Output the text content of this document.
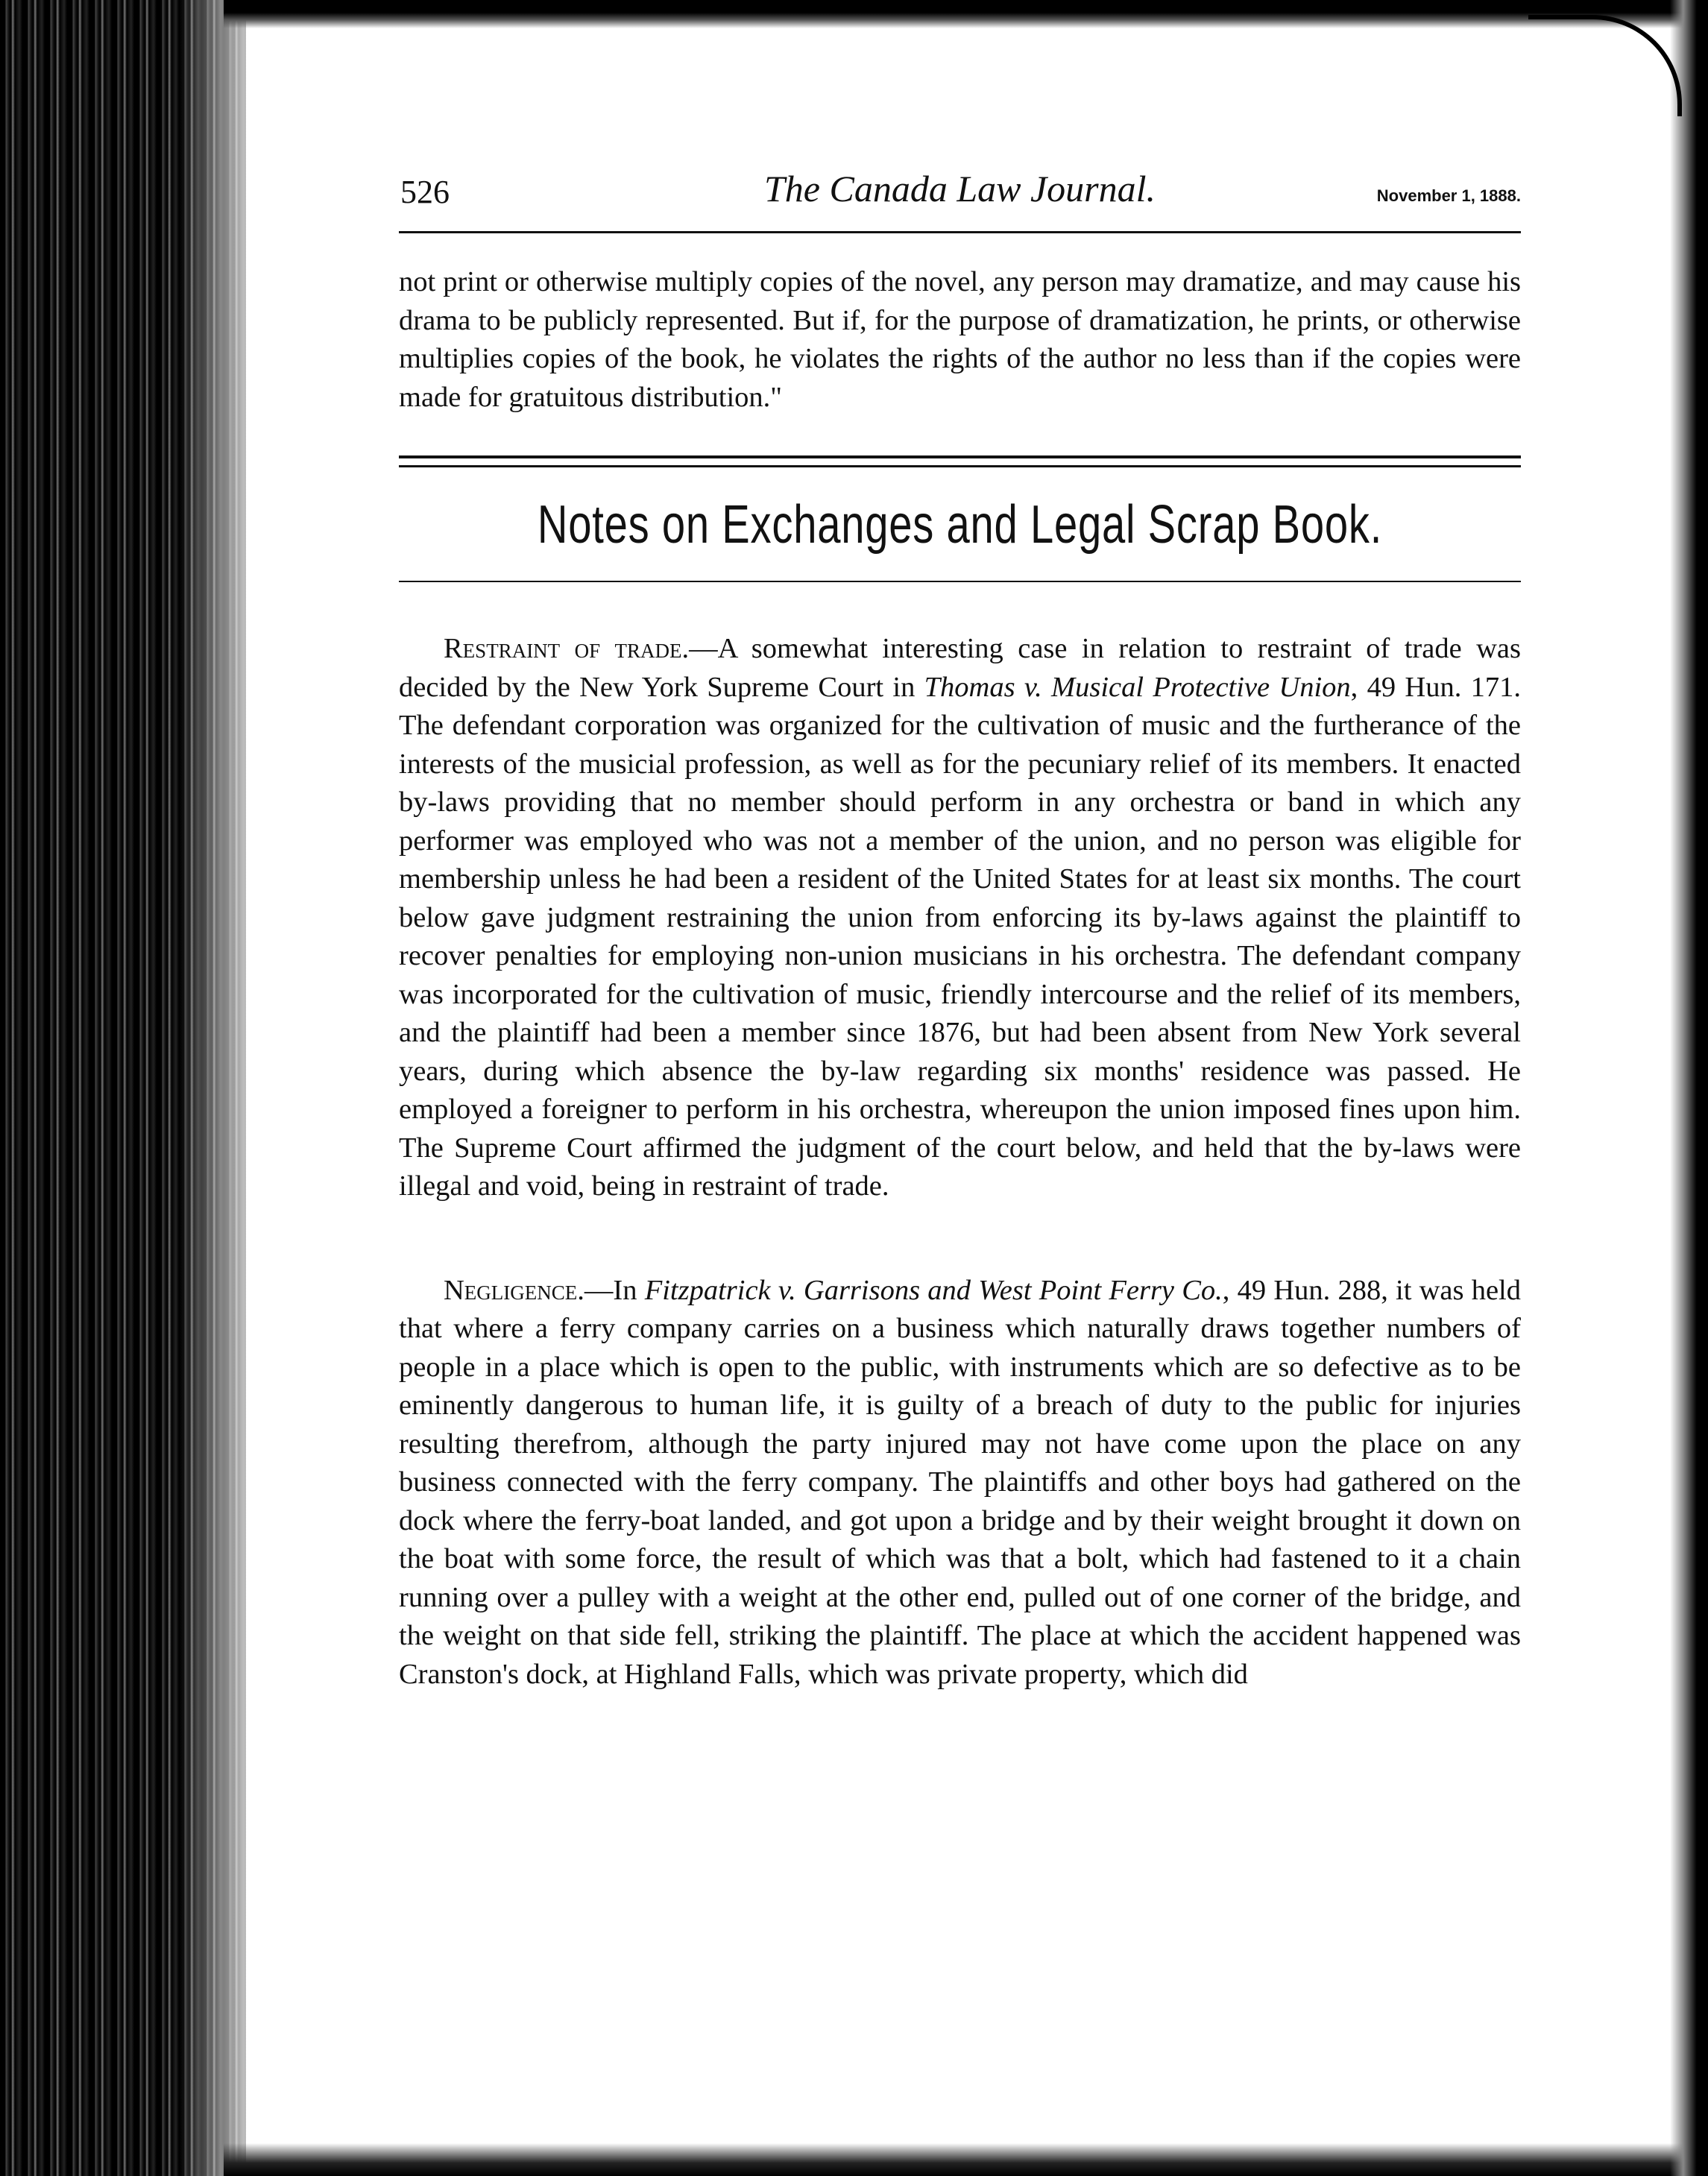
526	The Canada Law Journal.	November 1, 1888.

not print or otherwise multiply copies of the novel, any person may dramatize, and may cause his drama to be publicly represented. But if, for the purpose of dramatization, he prints, or otherwise multiplies copies of the book, he violates the rights of the author no less than if the copies were made for gratuitous distribution."

Notes on Exchanges and Legal Scrap Book.

Restraint of trade.—A somewhat interesting case in relation to restraint of trade was decided by the New York Supreme Court in Thomas v. Musical Protective Union, 49 Hun. 171. The defendant corporation was organized for the cultivation of music and the furtherance of the interests of the musicial profession, as well as for the pecuniary relief of its members. It enacted by-laws providing that no member should perform in any orchestra or band in which any performer was employed who was not a member of the union, and no person was eligible for membership unless he had been a resident of the United States for at least six months. The court below gave judgment restraining the union from enforcing its by-laws against the plaintiff to recover penalties for employing non-union musicians in his orchestra. The defendant company was incorporated for the cultivation of music, friendly intercourse and the relief of its members, and the plaintiff had been a member since 1876, but had been absent from New York several years, during which absence the by-law regarding six months' residence was passed. He employed a foreigner to perform in his orchestra, whereupon the union imposed fines upon him. The Supreme Court affirmed the judgment of the court below, and held that the by-laws were illegal and void, being in restraint of trade.

Negligence.—In Fitzpatrick v. Garrisons and West Point Ferry Co., 49 Hun. 288, it was held that where a ferry company carries on a business which naturally draws together numbers of people in a place which is open to the public, with instruments which are so defective as to be eminently dangerous to human life, it is guilty of a breach of duty to the public for injuries resulting therefrom, although the party injured may not have come upon the place on any business connected with the ferry company. The plaintiffs and other boys had gathered on the dock where the ferry-boat landed, and got upon a bridge and by their weight brought it down on the boat with some force, the result of which was that a bolt, which had fastened to it a chain running over a pulley with a weight at the other end, pulled out of one corner of the bridge, and the weight on that side fell, striking the plaintiff. The place at which the accident happened was Cranston's dock, at Highland Falls, which was private property, which did
